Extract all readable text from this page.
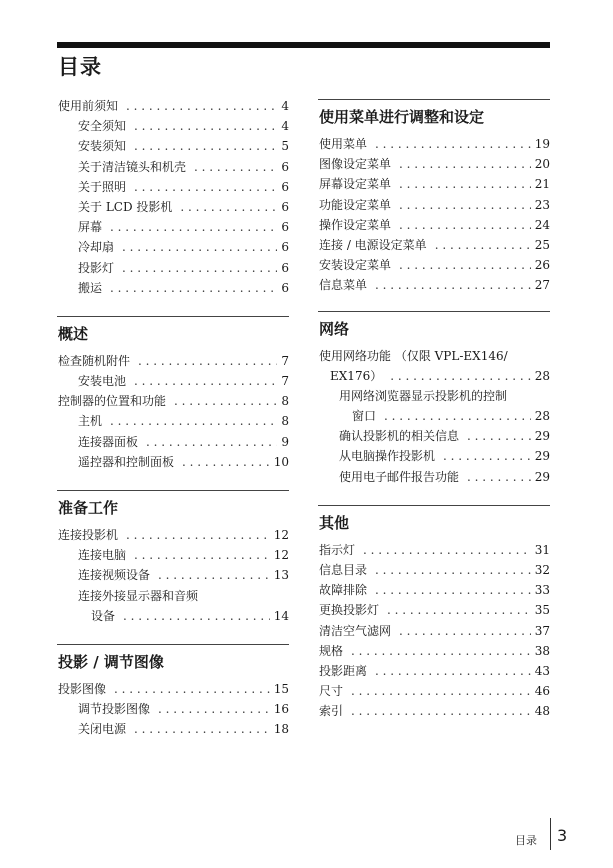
目录
使用前须知 . . .	4
安全须知 . . .	4
安装须知 . . .	5
关于清洁镜头和机壳 . . .	6
关于照明 . . .	6
关于 LCD 投影机 . . .	6
屏幕 . . .	6
冷却扇 . . .	6
投影灯 . . .	6
搬运 . . .	6
概述
检查随机附件 . . .	7
安装电池 . . .	7
控制器的位置和功能 . . .	8
主机 . . .	8
连接器面板 . . .	9
遥控器和控制面板 . . .	10
准备工作
连接投影机 . . .	12
连接电脑 . . .	12
连接视频设备 . . .	13
连接外接显示器和音频
设备 . . .	14
投影 / 调节图像
投影图像 . . .	15
调节投影图像 . . .	16
关闭电源 . . .	18
使用菜单进行调整和设定
使用菜单 . . .	19
图像设定菜单 . . .	20
屏幕设定菜单 . . .	21
功能设定菜单 . . .	23
操作设定菜单 . . .	24
连接 / 电源设定菜单 . . .	25
安装设定菜单 . . .	26
信息菜单 . . .	27
网络
使用网络功能 （仅限 VPL-EX146/
EX176） . . .	28
用网络浏览器显示投影机的控制
窗口 . . .	28
确认投影机的相关信息 . . .	29
从电脑操作投影机 . . .	29
使用电子邮件报告功能 . . .	29
其他
指示灯 . . .	31
信息目录 . . .	32
故障排除 . . .	33
更换投影灯 . . .	35
清洁空气滤网 . . .	37
规格 . . .	38
投影距离 . . .	43
尺寸 . . .	46
索引 . . .	48
目录 3
